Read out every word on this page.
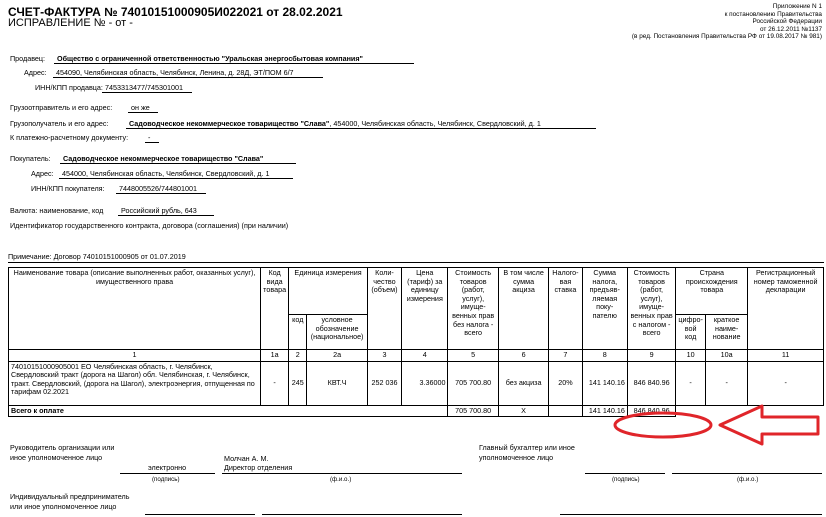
СЧЕТ-ФАКТУРА № 74010151000905И022021 от 28.02.2021
ИСПРАВЛЕНИЕ № - от -
Приложение N 1
к постановлению Правительства
Российской Федерации
от 26.12.2011 №1137
(в ред. Постановления Правительства РФ от 19.08.2017 № 981)
Продавец: Общество с ограниченной ответственностью "Уральская энергосбытовая компания"
Адрес: 454090, Челябинская область, Челябинск, Ленина, д. 28Д, ЭТ/ПОМ 6/7
ИНН/КПП продавца: 7453313477/745301001
Грузоотправитель и его адрес:	он же
Грузополучатель и его адрес:	Садоводческое некоммерческое товарищество "Слава", 454000, Челябинская область, Челябинск, Свердловский, д. 1
К платежно-расчетному документу:	-
Покупатель: Садоводческое некоммерческое товарищество "Слава"
Адрес: 454000, Челябинская область, Челябинск, Свердловский, д. 1
ИНН/КПП покупателя: 7448005526/744801001
Валюта: наименование, код Российский рубль, 643
Идентификатор государственного контракта, договора (соглашения) (при наличии)
Примечание: Договор 74010151000905 от 01.07.2019
Наименование товара (описание выполненных работ, оказанных услуг), имущественного права	Код вида товара	Единица измерения		Коли-чество (объем)	Цена (тариф) за единицу измерения	Стоимость товаров (работ, услуг), имуще-венных прав без налога - всего	В том числе сумма акциза	Налого-вая ставка	Сумма налога, предъяв-ляемая поку-пателю	Стоимость товаров (работ, услуг), имуще-венных прав с налогом - всего	Страна происхождения товара		Регистрационный номер таможенной декларации
		код	условное обозначение (национальное)								цифро-вой код	краткое наиме-нование	
1	1а	2	2а	3	4	5	6	7	8	9	10	10а	11
74010151000905001 ЕО Челябинская область, г. Челябинск, Свердловский тракт (дорога на Шагол) обл. Челябинская, г. Челябинск, тракт. Свердловский, (дорога на Шагол), электроэнергия, отпущенная по тарифам 02.2021	-	245	КВТ.Ч	252 036	3.36000	705 700.80	без акциза	20%	141 140.16	846 840.96	-	-	-
Всего к оплате						705 700.80	X		141 140.16	846 840.96			
Руководитель организации или иное уполномоченное лицо
электронно
Молчан А. М.
Директор отделения
(подпись)	(ф.и.о.)
Главный бухгалтер или иное уполномоченное лицо
(подпись)	(ф.и.о.)
Индивидуальный предприниматель или иное уполномоченное лицо
